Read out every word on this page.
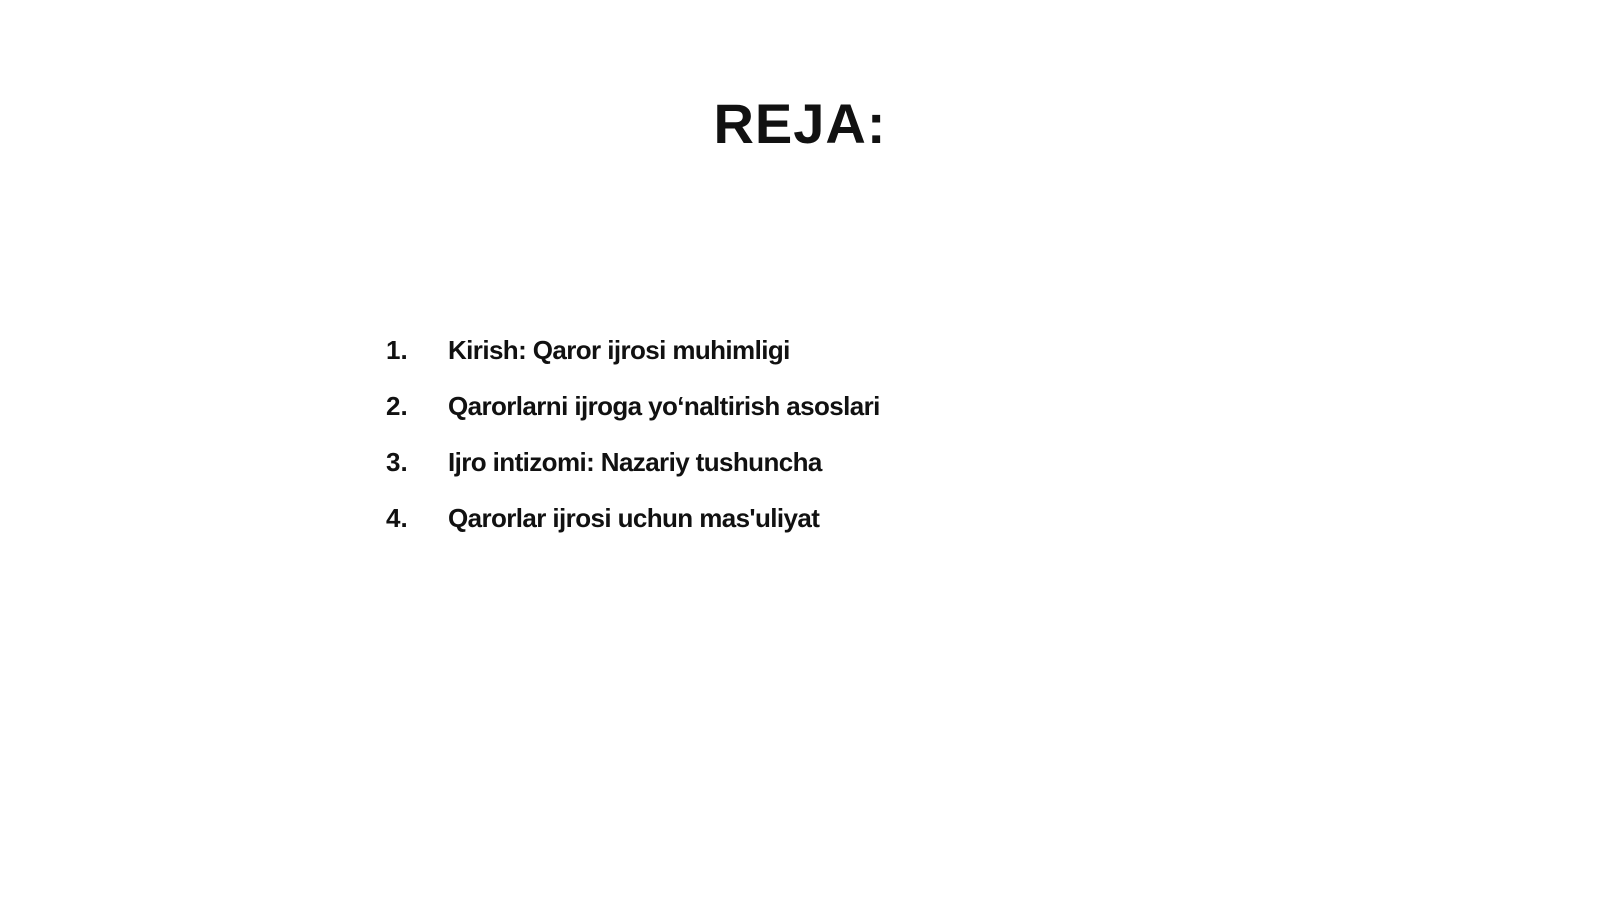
REJA:
1.	Kirish: Qaror ijrosi muhimligi
2.	Qarorlarni ijroga yo‘naltirish asoslari
3.	Ijro intizomi: Nazariy tushuncha
4.	Qarorlar ijrosi uchun mas'uliyat
